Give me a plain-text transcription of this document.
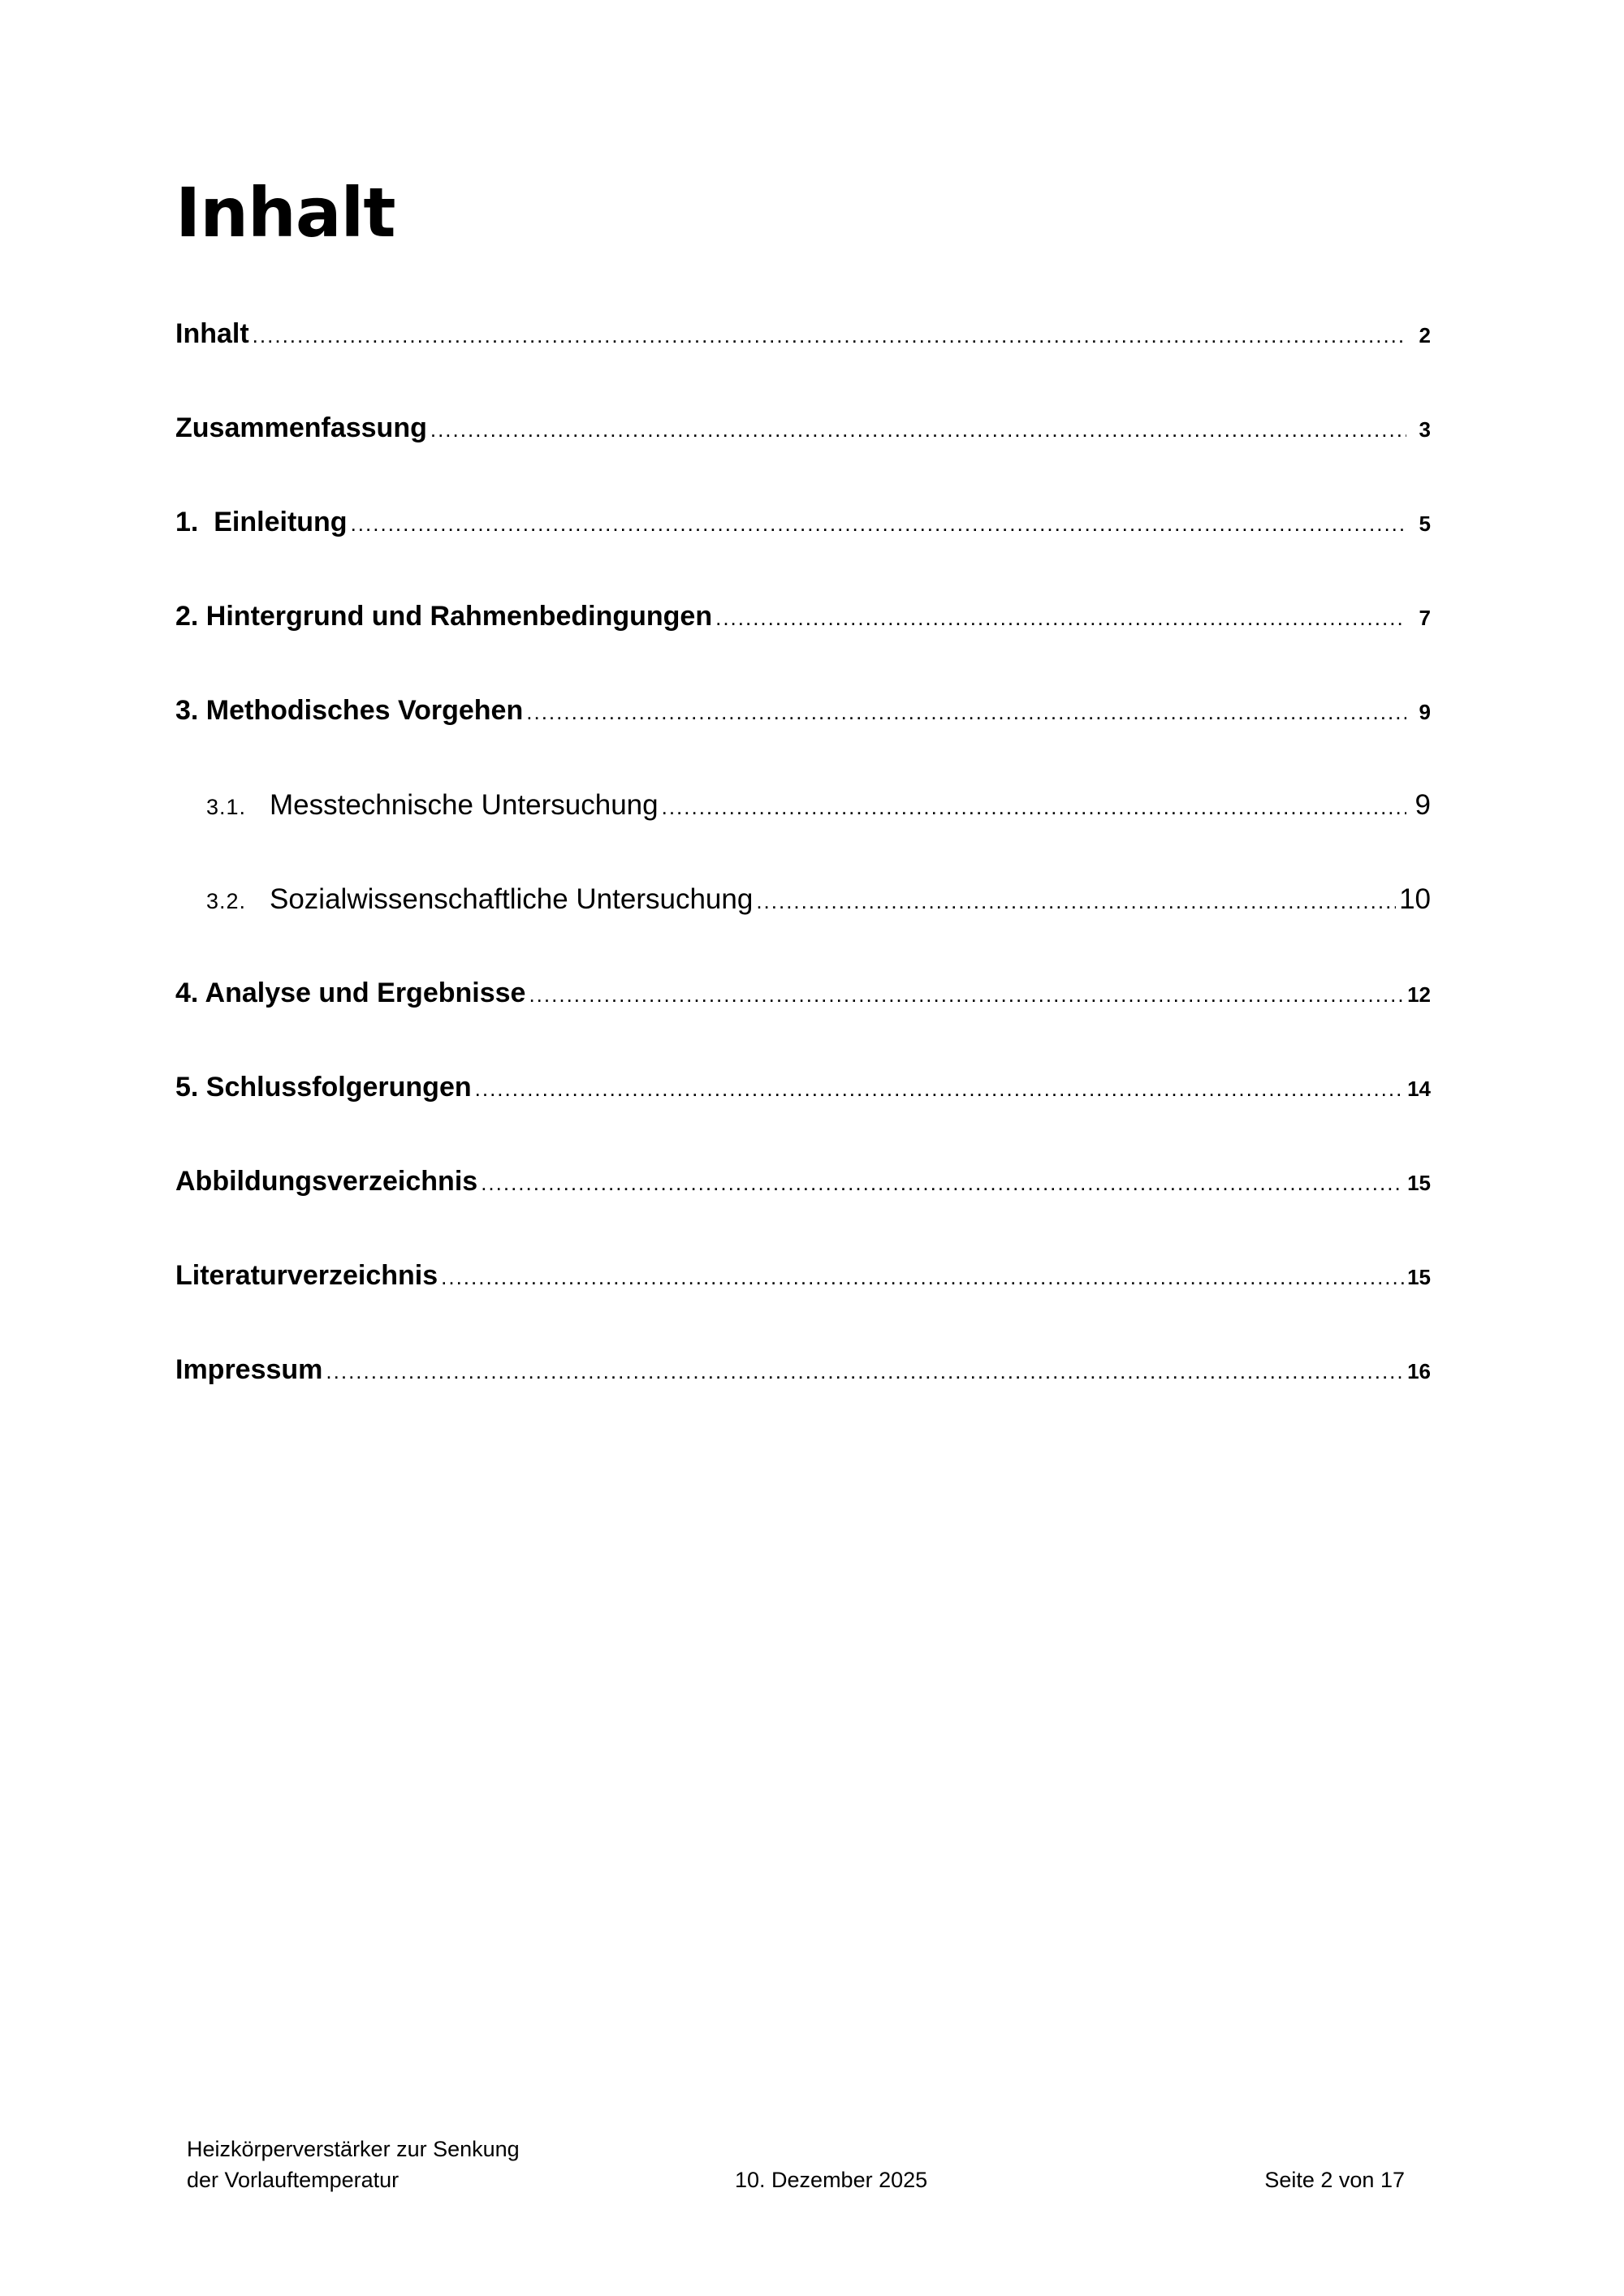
Inhalt
Inhalt .....	2
Zusammenfassung .....	3
1.  Einleitung .....	5
2. Hintergrund und Rahmenbedingungen .....	7
3. Methodisches Vorgehen .....	9
3.1. Messtechnische Untersuchung .....	9
3.2. Sozialwissenschaftliche Untersuchung .....	10
4. Analyse und Ergebnisse .....	12
5. Schlussfolgerungen .....	14
Abbildungsverzeichnis .....	15
Literaturverzeichnis .....	15
Impressum .....	16
Heizkörperverstärker zur Senkung
der Vorlauftemperatur	10. Dezember 2025	Seite 2 von 17
